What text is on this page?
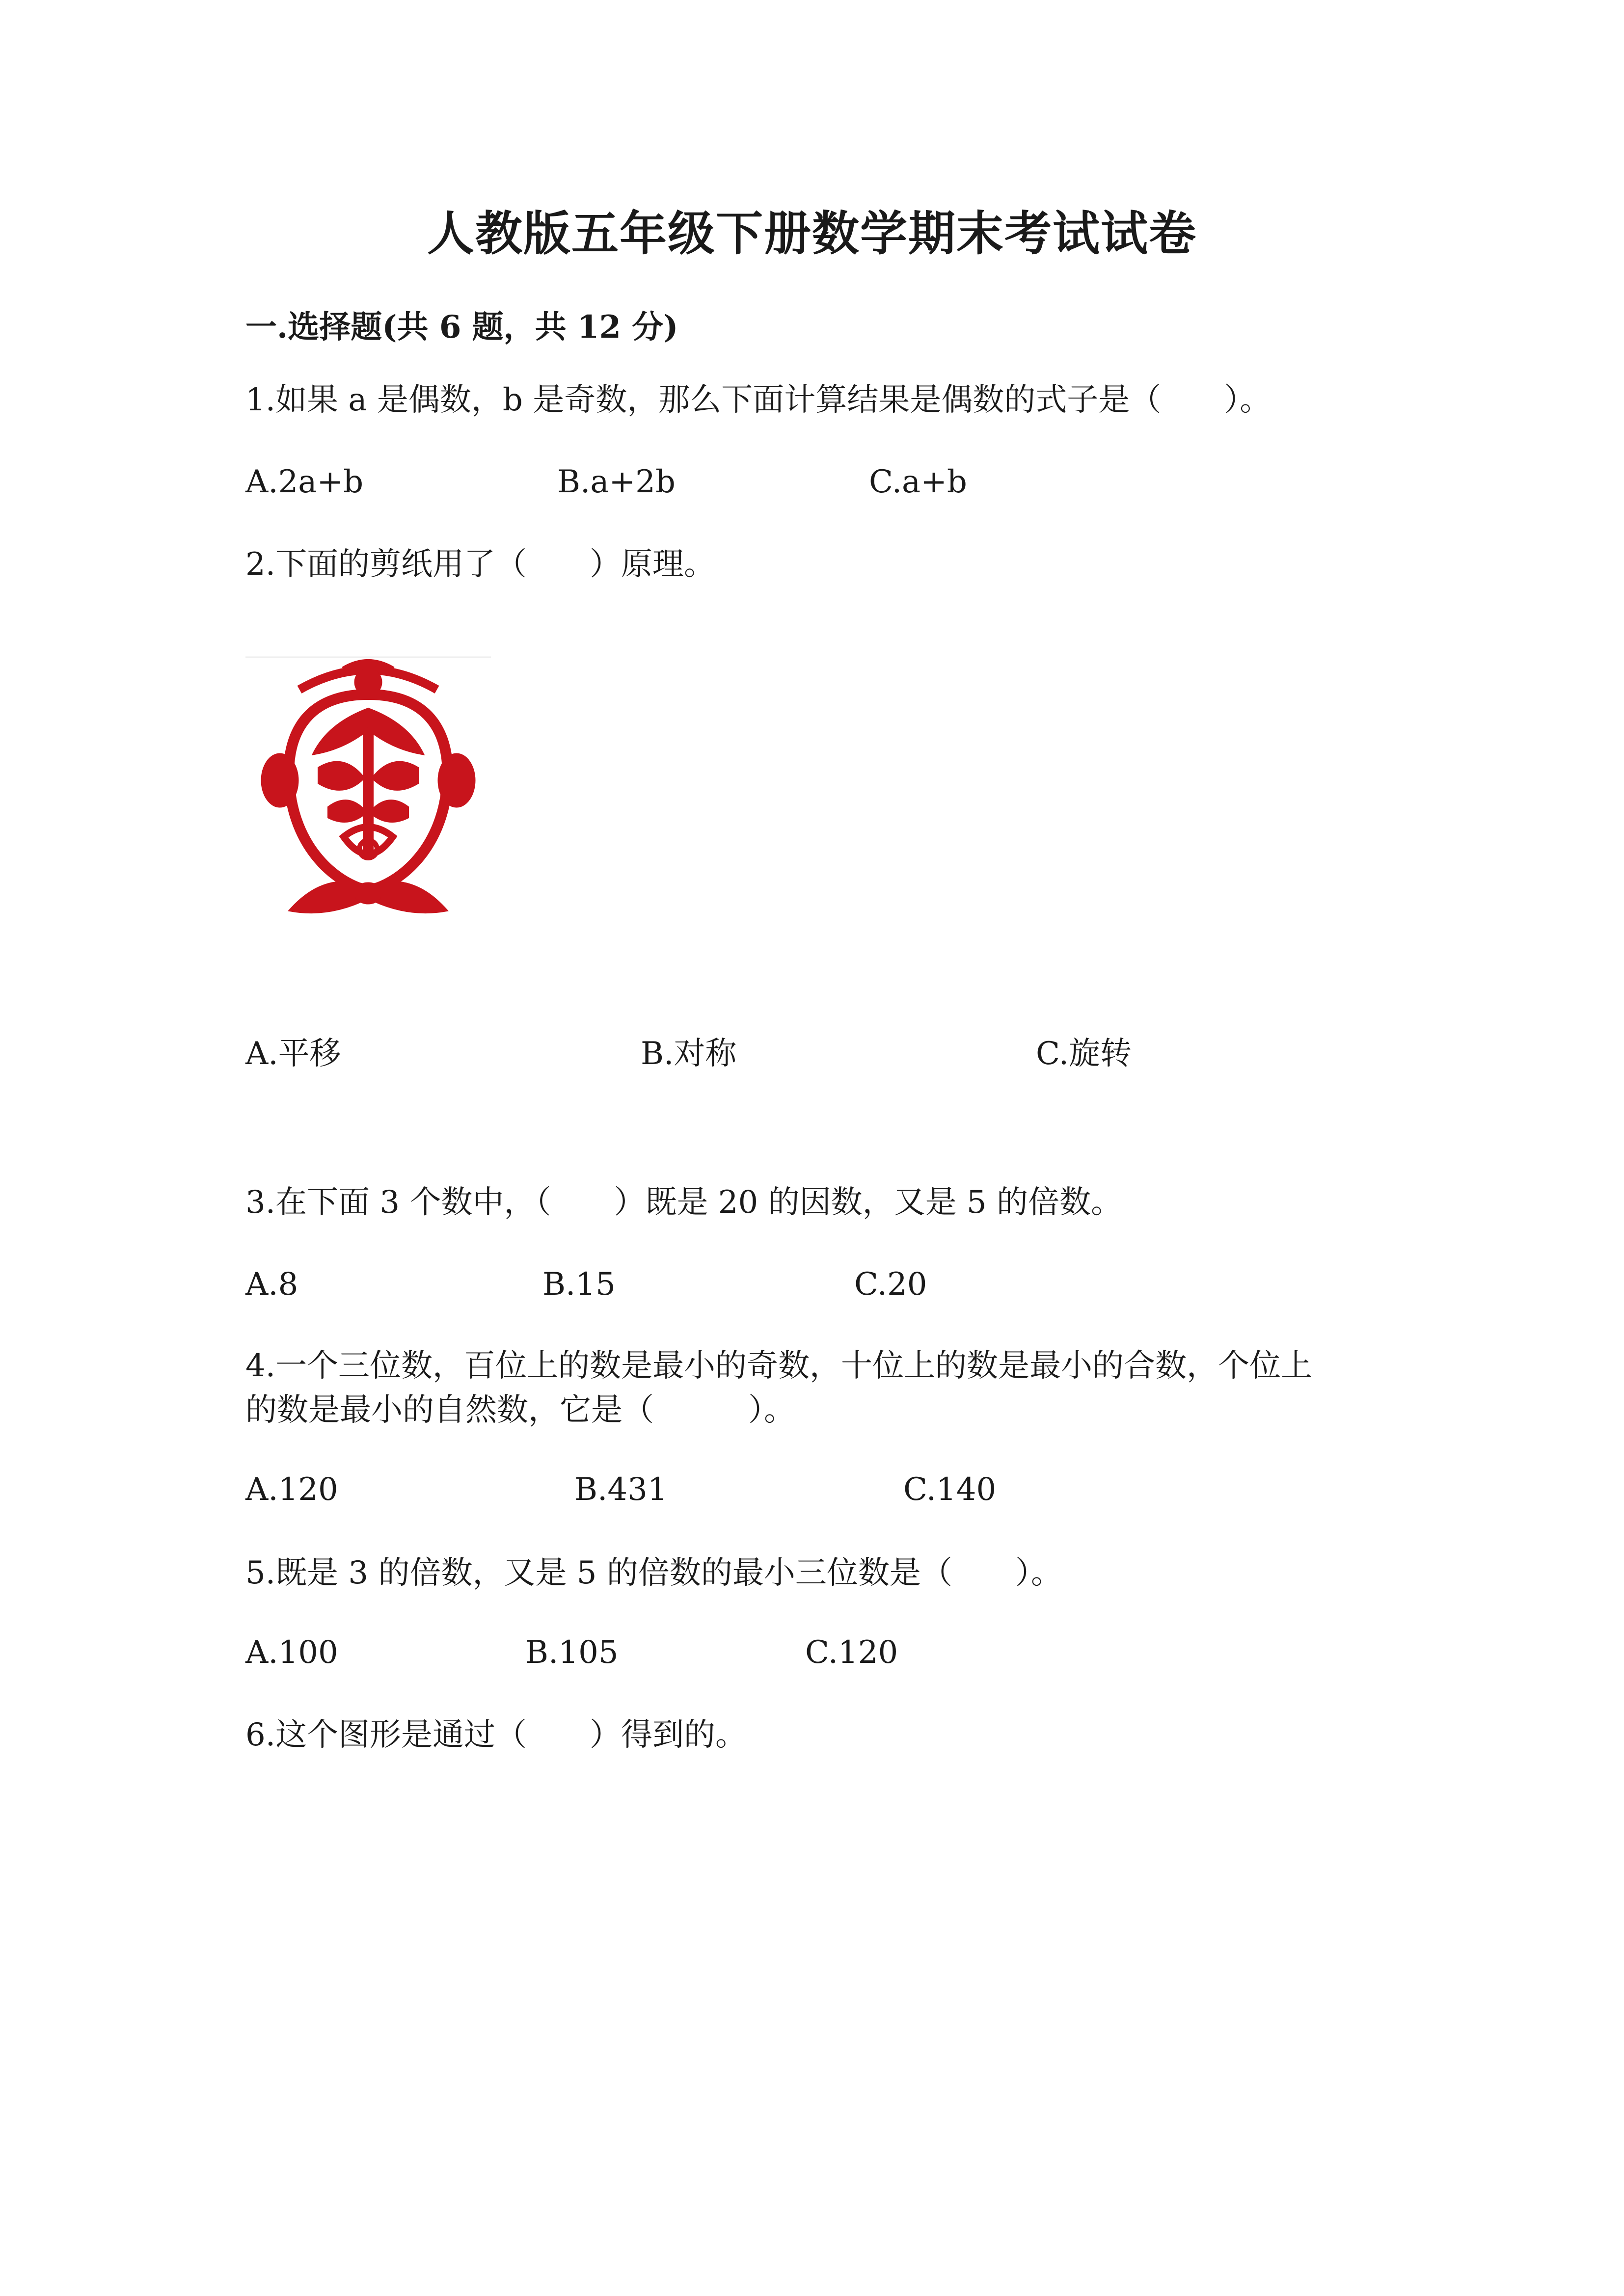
人教版五年级下册数学期末考试试卷
一.选择题(共 6 题，共 12 分)
1.如果 a 是偶数，b 是奇数，那么下面计算结果是偶数的式子是（　　）。
A.2a+b	B.a+2b	C.a+b
2.下面的剪纸用了（　　）原理。
A.平移	B.对称	C.旋转
3.在下面 3 个数中，（　　）既是 20 的因数，又是 5 的倍数。
A.8	B.15	C.20
4.一个三位数，百位上的数是最小的奇数，十位上的数是最小的合数，个位上
的数是最小的自然数，它是（　　　）。
A.120	B.431	C.140
5.既是 3 的倍数，又是 5 的倍数的最小三位数是（　　）。
A.100	B.105	C.120
6.这个图形是通过（　　）得到的。
